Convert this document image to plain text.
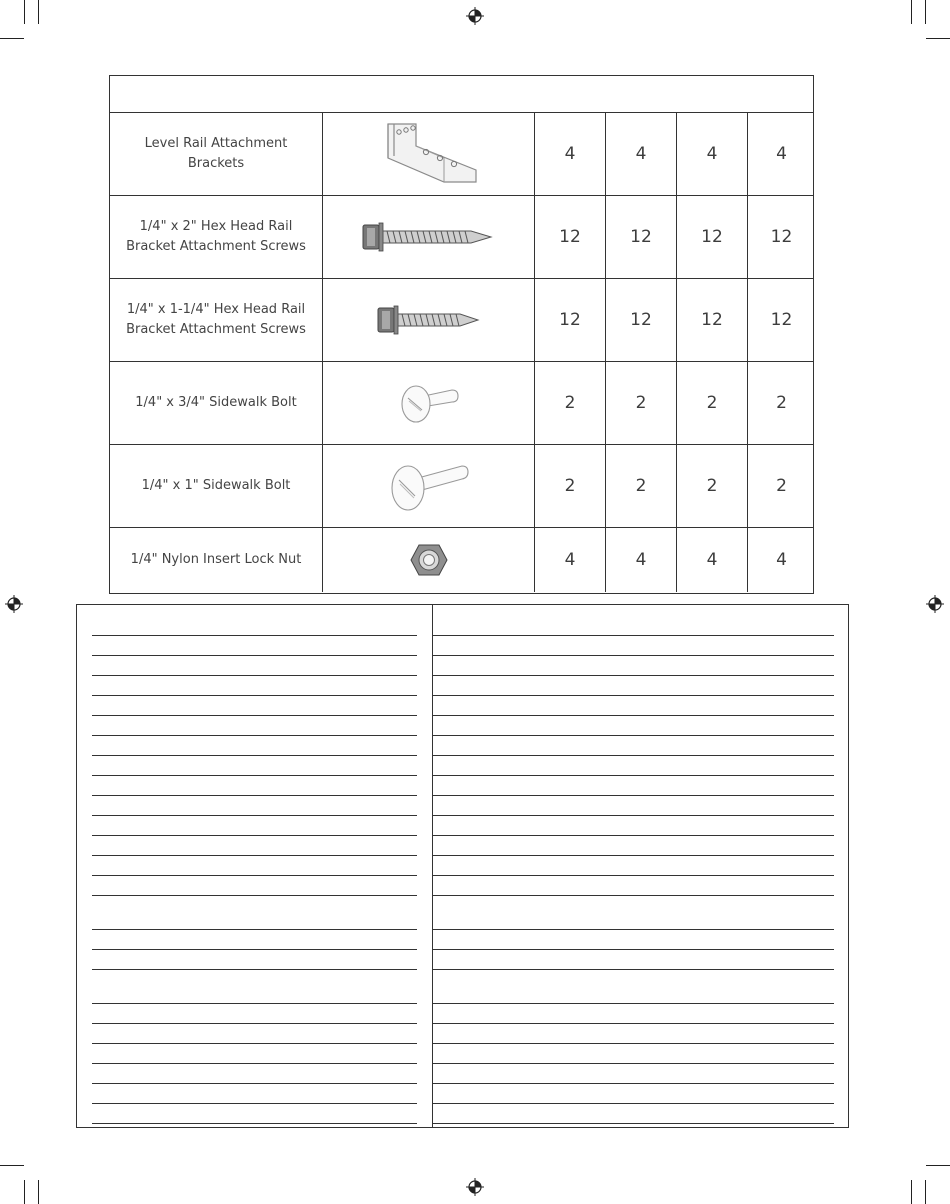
Level Rail Attachment Brackets	4	4	4	4
1/4" x 2" Hex Head Rail Bracket Attachment Screws	12	12	12	12
1/4" x 1-1/4" Hex Head Rail Bracket Attachment Screws	12	12	12	12
1/4" x 3/4" Sidewalk Bolt	2	2	2	2
1/4" x 1" Sidewalk Bolt	2	2	2	2
1/4" Nylon Insert Lock Nut	4	4	4	4
